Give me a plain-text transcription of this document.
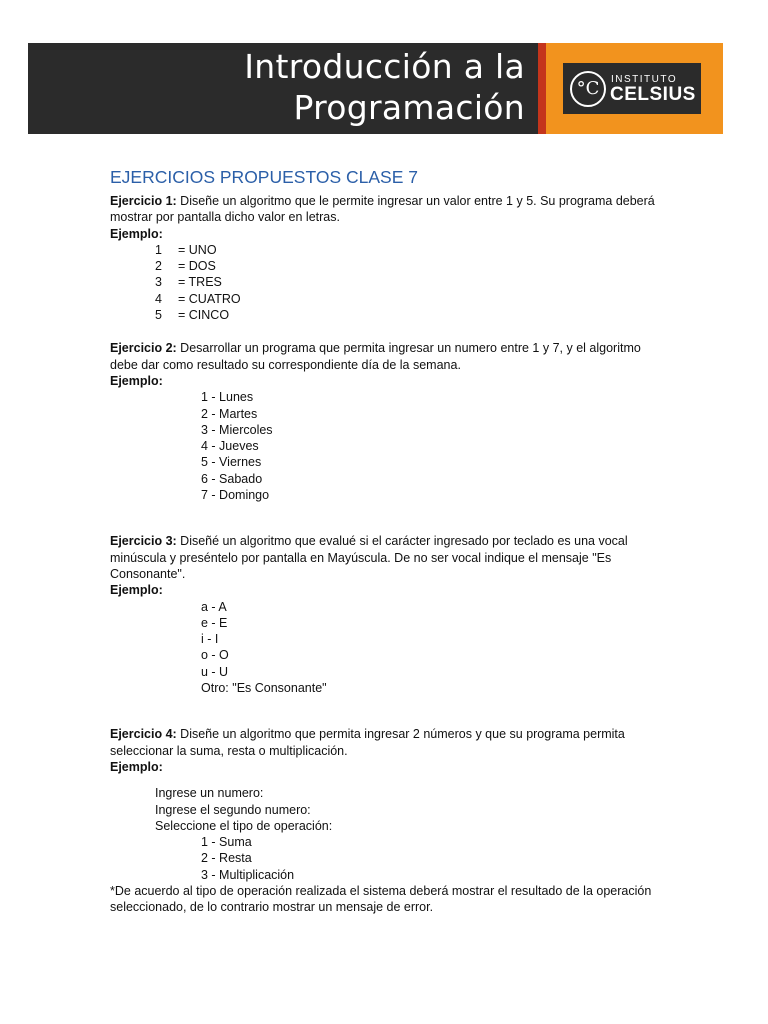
Introducción a la
Programación	°C	INSTITUTO
CELSIUS
EJERCICIOS PROPUESTOS CLASE 7

Ejercicio 1: Diseñe un algoritmo que le permite ingresar un valor entre 1 y 5. Su programa deberá mostrar por pantalla dicho valor en letras.

Ejemplo:

1	= UNO
2	= DOS
3	= TRES
4	= CUATRO
5	= CINCO

Ejercicio 2: Desarrollar un programa que permita ingresar un numero entre 1 y 7, y el algoritmo debe dar como resultado su correspondiente día de la semana.

Ejemplo:

1 - Lunes
2 - Martes
3 - Miercoles
4 - Jueves
5 - Viernes
6 - Sabado
7 - Domingo

Ejercicio 3: Diseñé un algoritmo que evalué si el carácter ingresado por teclado es una vocal minúscula y preséntelo por pantalla en Mayúscula. De no ser vocal indique el mensaje "Es Consonante".

Ejemplo:

a - A
e - E
i - I
o - O
u - U
Otro: "Es Consonante"

Ejercicio 4: Diseñe un algoritmo que permita ingresar 2 números y que su programa permita seleccionar la suma, resta o multiplicación.

Ejemplo:

Ingrese un numero:
Ingrese el segundo numero:
Seleccione el tipo de operación:
1 - Suma
2 - Resta
3 - Multiplicación

*De acuerdo al tipo de operación realizada el sistema deberá mostrar el resultado de la operación seleccionado, de lo contrario mostrar un mensaje de error.
